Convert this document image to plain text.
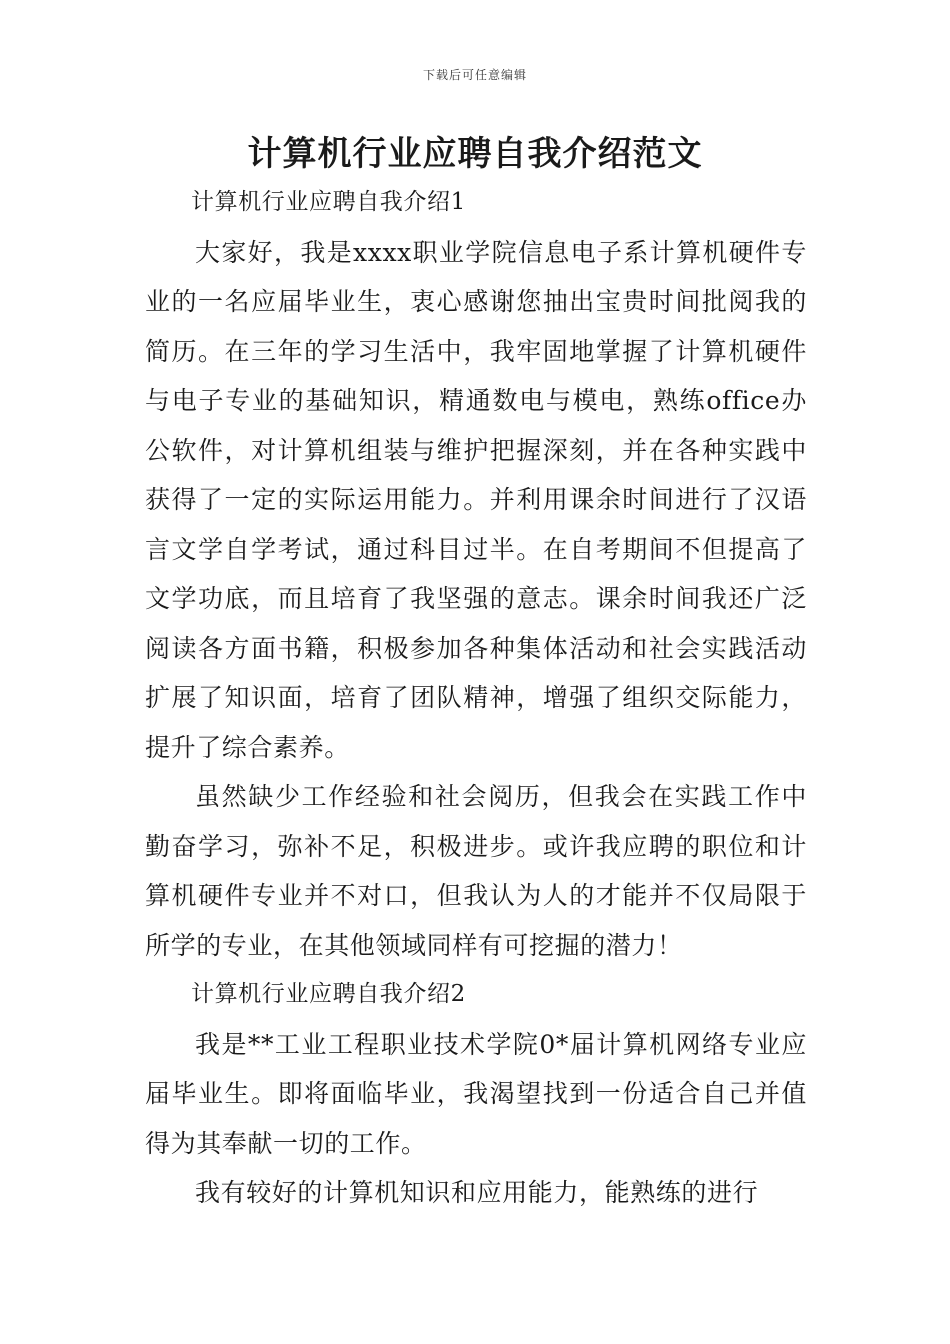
下载后可任意编辑
计算机行业应聘自我介绍范文

计算机行业应聘自我介绍1

大家好，我是xxxx职业学院信息电子系计算机硬件专业的一名应届毕业生，衷心感谢您抽出宝贵时间批阅我的简历。在三年的学习生活中，我牢固地掌握了计算机硬件与电子专业的基础知识，精通数电与模电，熟练office办公软件，对计算机组装与维护把握深刻，并在各种实践中获得了一定的实际运用能力。并利用课余时间进行了汉语言文学自学考试，通过科目过半。在自考期间不但提高了文学功底，而且培育了我坚强的意志。课余时间我还广泛阅读各方面书籍，积极参加各种集体活动和社会实践活动扩展了知识面，培育了团队精神，增强了组织交际能力，提升了综合素养。

虽然缺少工作经验和社会阅历，但我会在实践工作中勤奋学习，弥补不足，积极进步。或许我应聘的职位和计算机硬件专业并不对口，但我认为人的才能并不仅局限于所学的专业，在其他领域同样有可挖掘的潜力！

计算机行业应聘自我介绍2

我是**工业工程职业技术学院0*届计算机网络专业应届毕业生。即将面临毕业，我渴望找到一份适合自己并值得为其奉献一切的工作。

我有较好的计算机知识和应用能力，能熟练的进行
